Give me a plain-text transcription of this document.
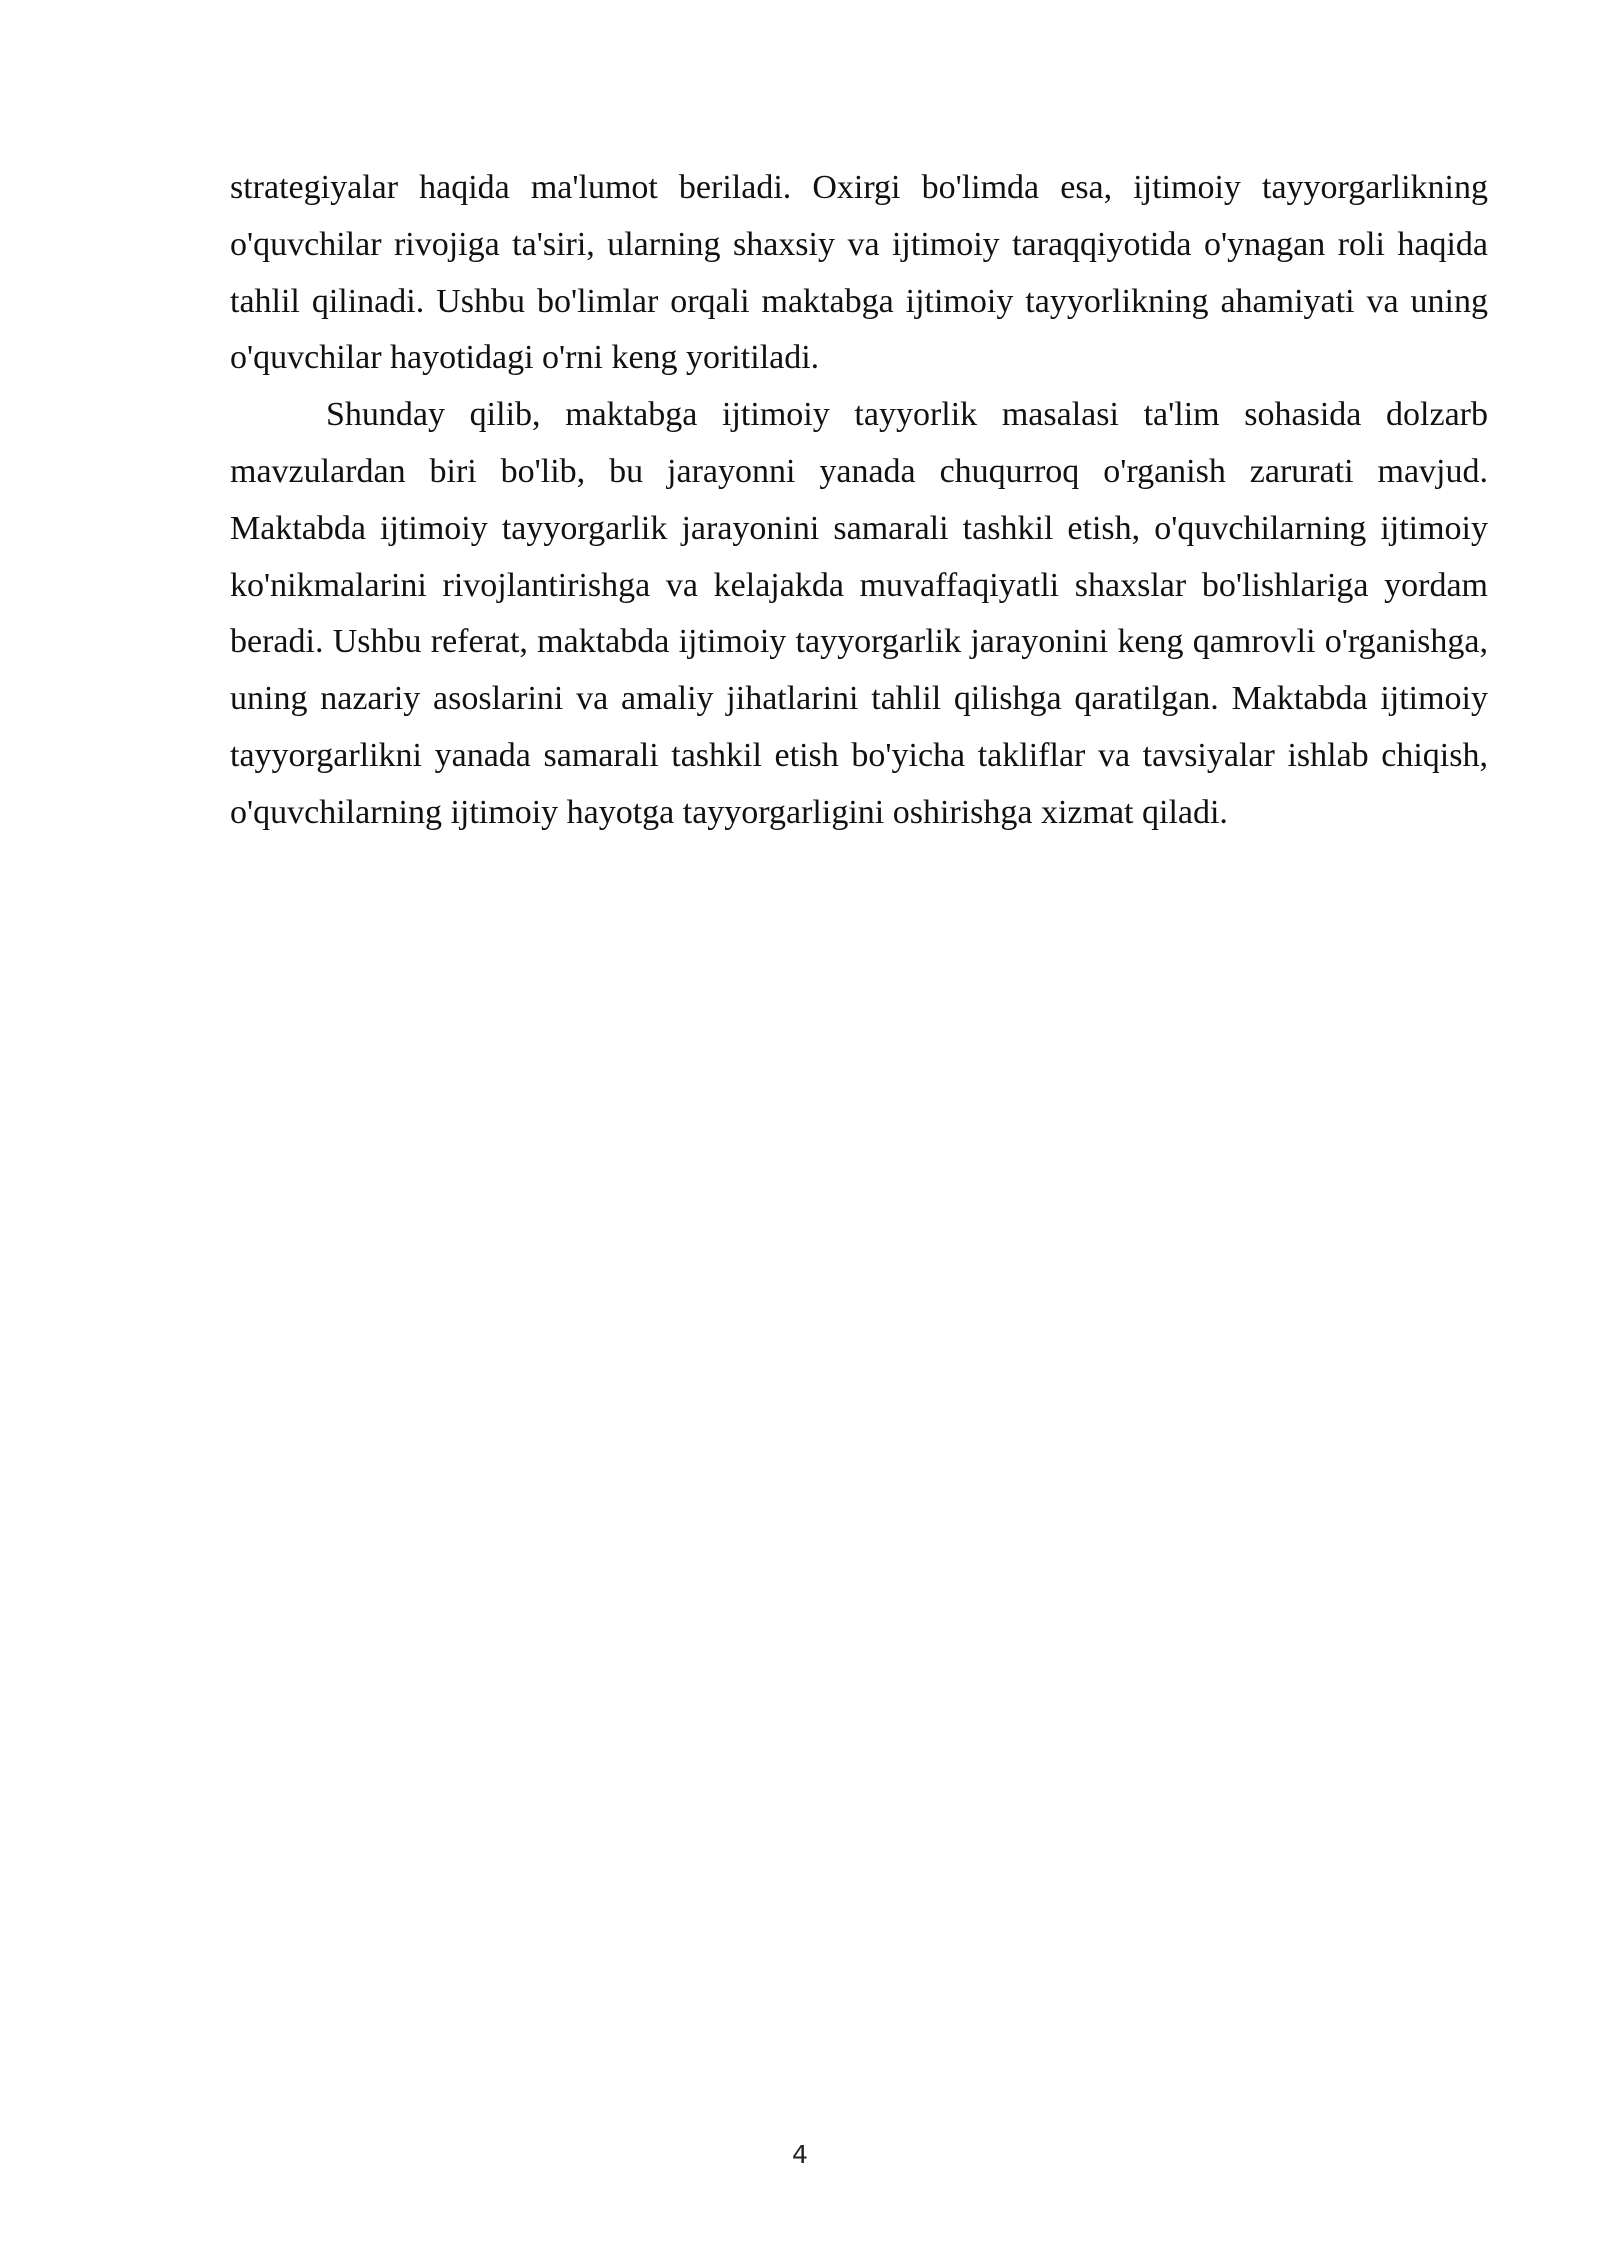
strategiyalar haqida ma'lumot beriladi. Oxirgi bo'limda esa, ijtimoiy tayyorgarlikning o'quvchilar rivojiga ta'siri, ularning shaxsiy va ijtimoiy taraqqiyotida o'ynagan roli haqida tahlil qilinadi. Ushbu bo'limlar orqali maktabga ijtimoiy tayyorlikning ahamiyati va uning o'quvchilar hayotidagi o'rni keng yoritiladi.

Shunday qilib, maktabga ijtimoiy tayyorlik masalasi ta'lim sohasida dolzarb mavzulardan biri bo'lib, bu jarayonni yanada chuqurroq o'rganish zarurati mavjud. Maktabda ijtimoiy tayyorgarlik jarayonini samarali tashkil etish, o'quvchilarning ijtimoiy ko'nikmalarini rivojlantirishga va kelajakda muvaffaqiyatli shaxslar bo'lishlariga yordam beradi. Ushbu referat, maktabda ijtimoiy tayyorgarlik jarayonini keng qamrovli o'rganishga, uning nazariy asoslarini va amaliy jihatlarini tahlil qilishga qaratilgan. Maktabda ijtimoiy tayyorgarlikni yanada samarali tashkil etish bo'yicha takliflar va tavsiyalar ishlab chiqish, o'quvchilarning ijtimoiy hayotga tayyorgarligini oshirishga xizmat qiladi.

4
